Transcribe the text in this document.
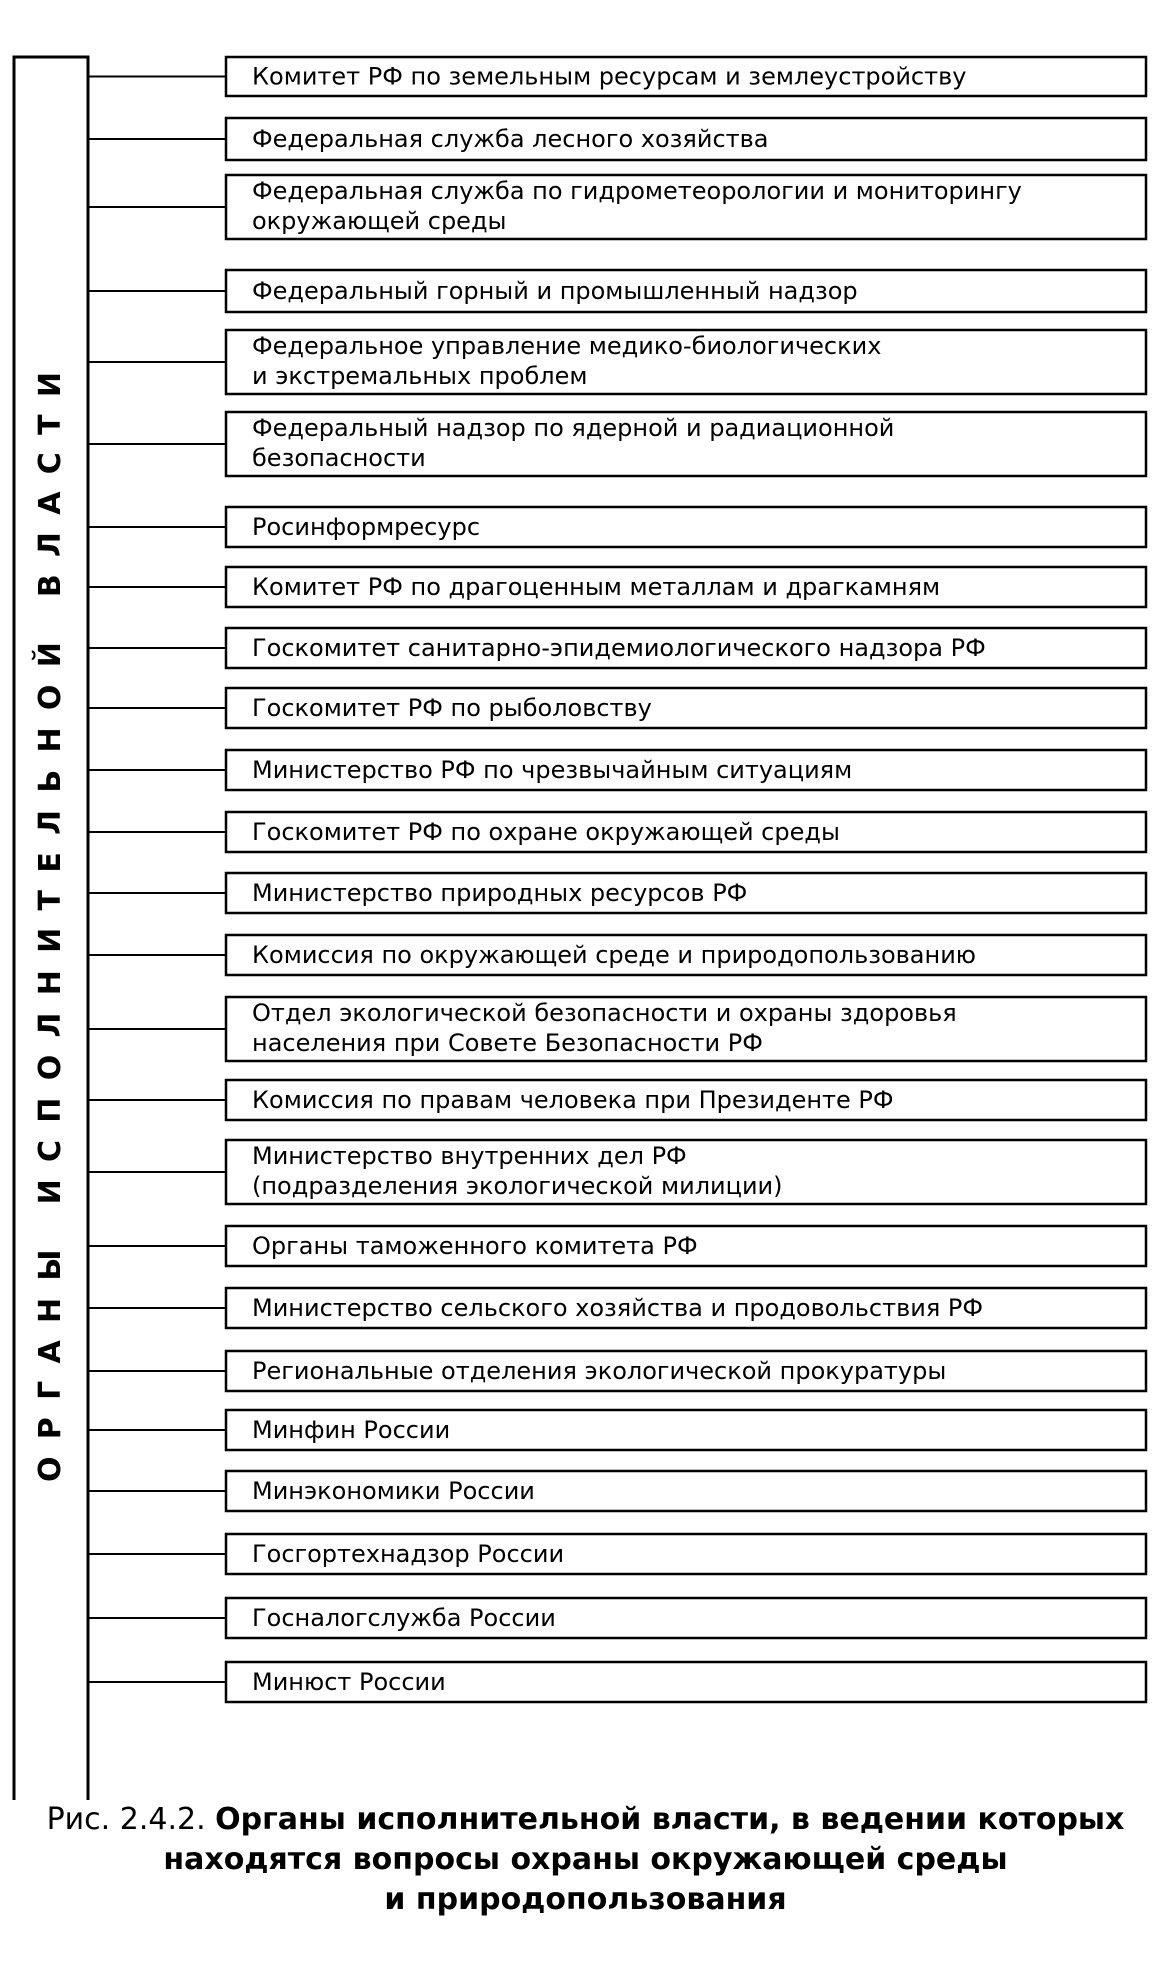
ОРГАНЫ ИСПОЛНИТЕЛЬНОЙ ВЛАСТИ
Комитет РФ по земельным ресурсам и землеустройству
Федеральная служба лесного хозяйства
Федеральная служба по гидрометеорологии и мониторингу
окружающей среды
Федеральный горный и промышленный надзор
Федеральное управление медико-биологических
и экстремальных проблем
Федеральный надзор по ядерной и радиационной
безопасности
Росинформресурс
Комитет РФ по драгоценным металлам и драгкамням
Госкомитет санитарно-эпидемиологического надзора РФ
Госкомитет РФ по рыболовству
Министерство РФ по чрезвычайным ситуациям
Госкомитет РФ по охране окружающей среды
Министерство природных ресурсов РФ
Комиссия по окружающей среде и природопользованию
Отдел экологической безопасности и охраны здоровья
населения при Совете Безопасности РФ
Комиссия по правам человека при Президенте РФ
Министерство внутренних дел РФ
(подразделения экологической милиции)
Органы таможенного комитета РФ
Министерство сельского хозяйства и продовольствия РФ
Региональные отделения экологической прокуратуры
Минфин России
Минэкономики России
Госгортехнадзор России
Госналогслужба России
Минюст России
Рис. 2.4.2. Органы исполнительной власти, в ведении которых
находятся вопросы охраны окружающей среды
и природопользования
